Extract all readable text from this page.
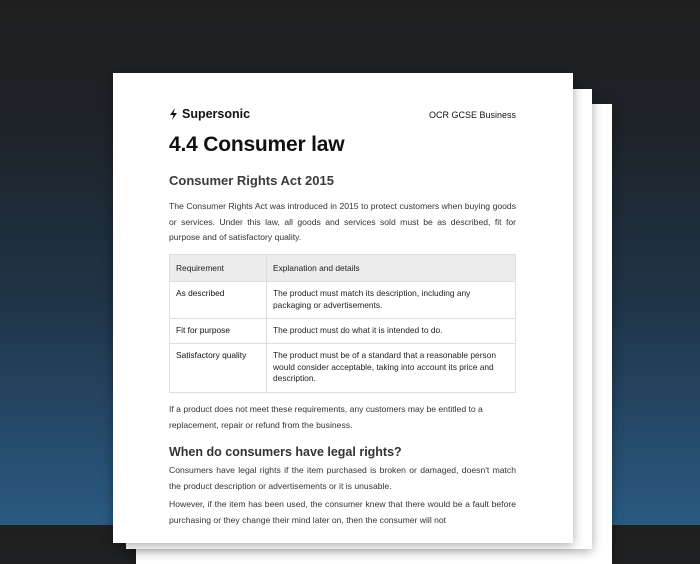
Supersonic	OCR GCSE Business
4.4 Consumer law
Consumer Rights Act 2015

The Consumer Rights Act was introduced in 2015 to protect customers when buying goods or services. Under this law, all goods and services sold must be as described, fit for purpose and of satisfactory quality.

Requirement	Explanation and details
As described	The product must match its description, including any packaging or advertisements.
Fit for purpose	The product must do what it is intended to do.
Satisfactory quality	The product must be of a standard that a reasonable person would consider acceptable, taking into account its price and description.

If a product does not meet these requirements, any customers may be entitled to a replacement, repair or refund from the business.

When do consumers have legal rights?

Consumers have legal rights if the item purchased is broken or damaged, doesn't match the product description or advertisements or it is unusable.

However, if the item has been used, the consumer knew that there would be a fault before purchasing or they change their mind later on, then the consumer will not
